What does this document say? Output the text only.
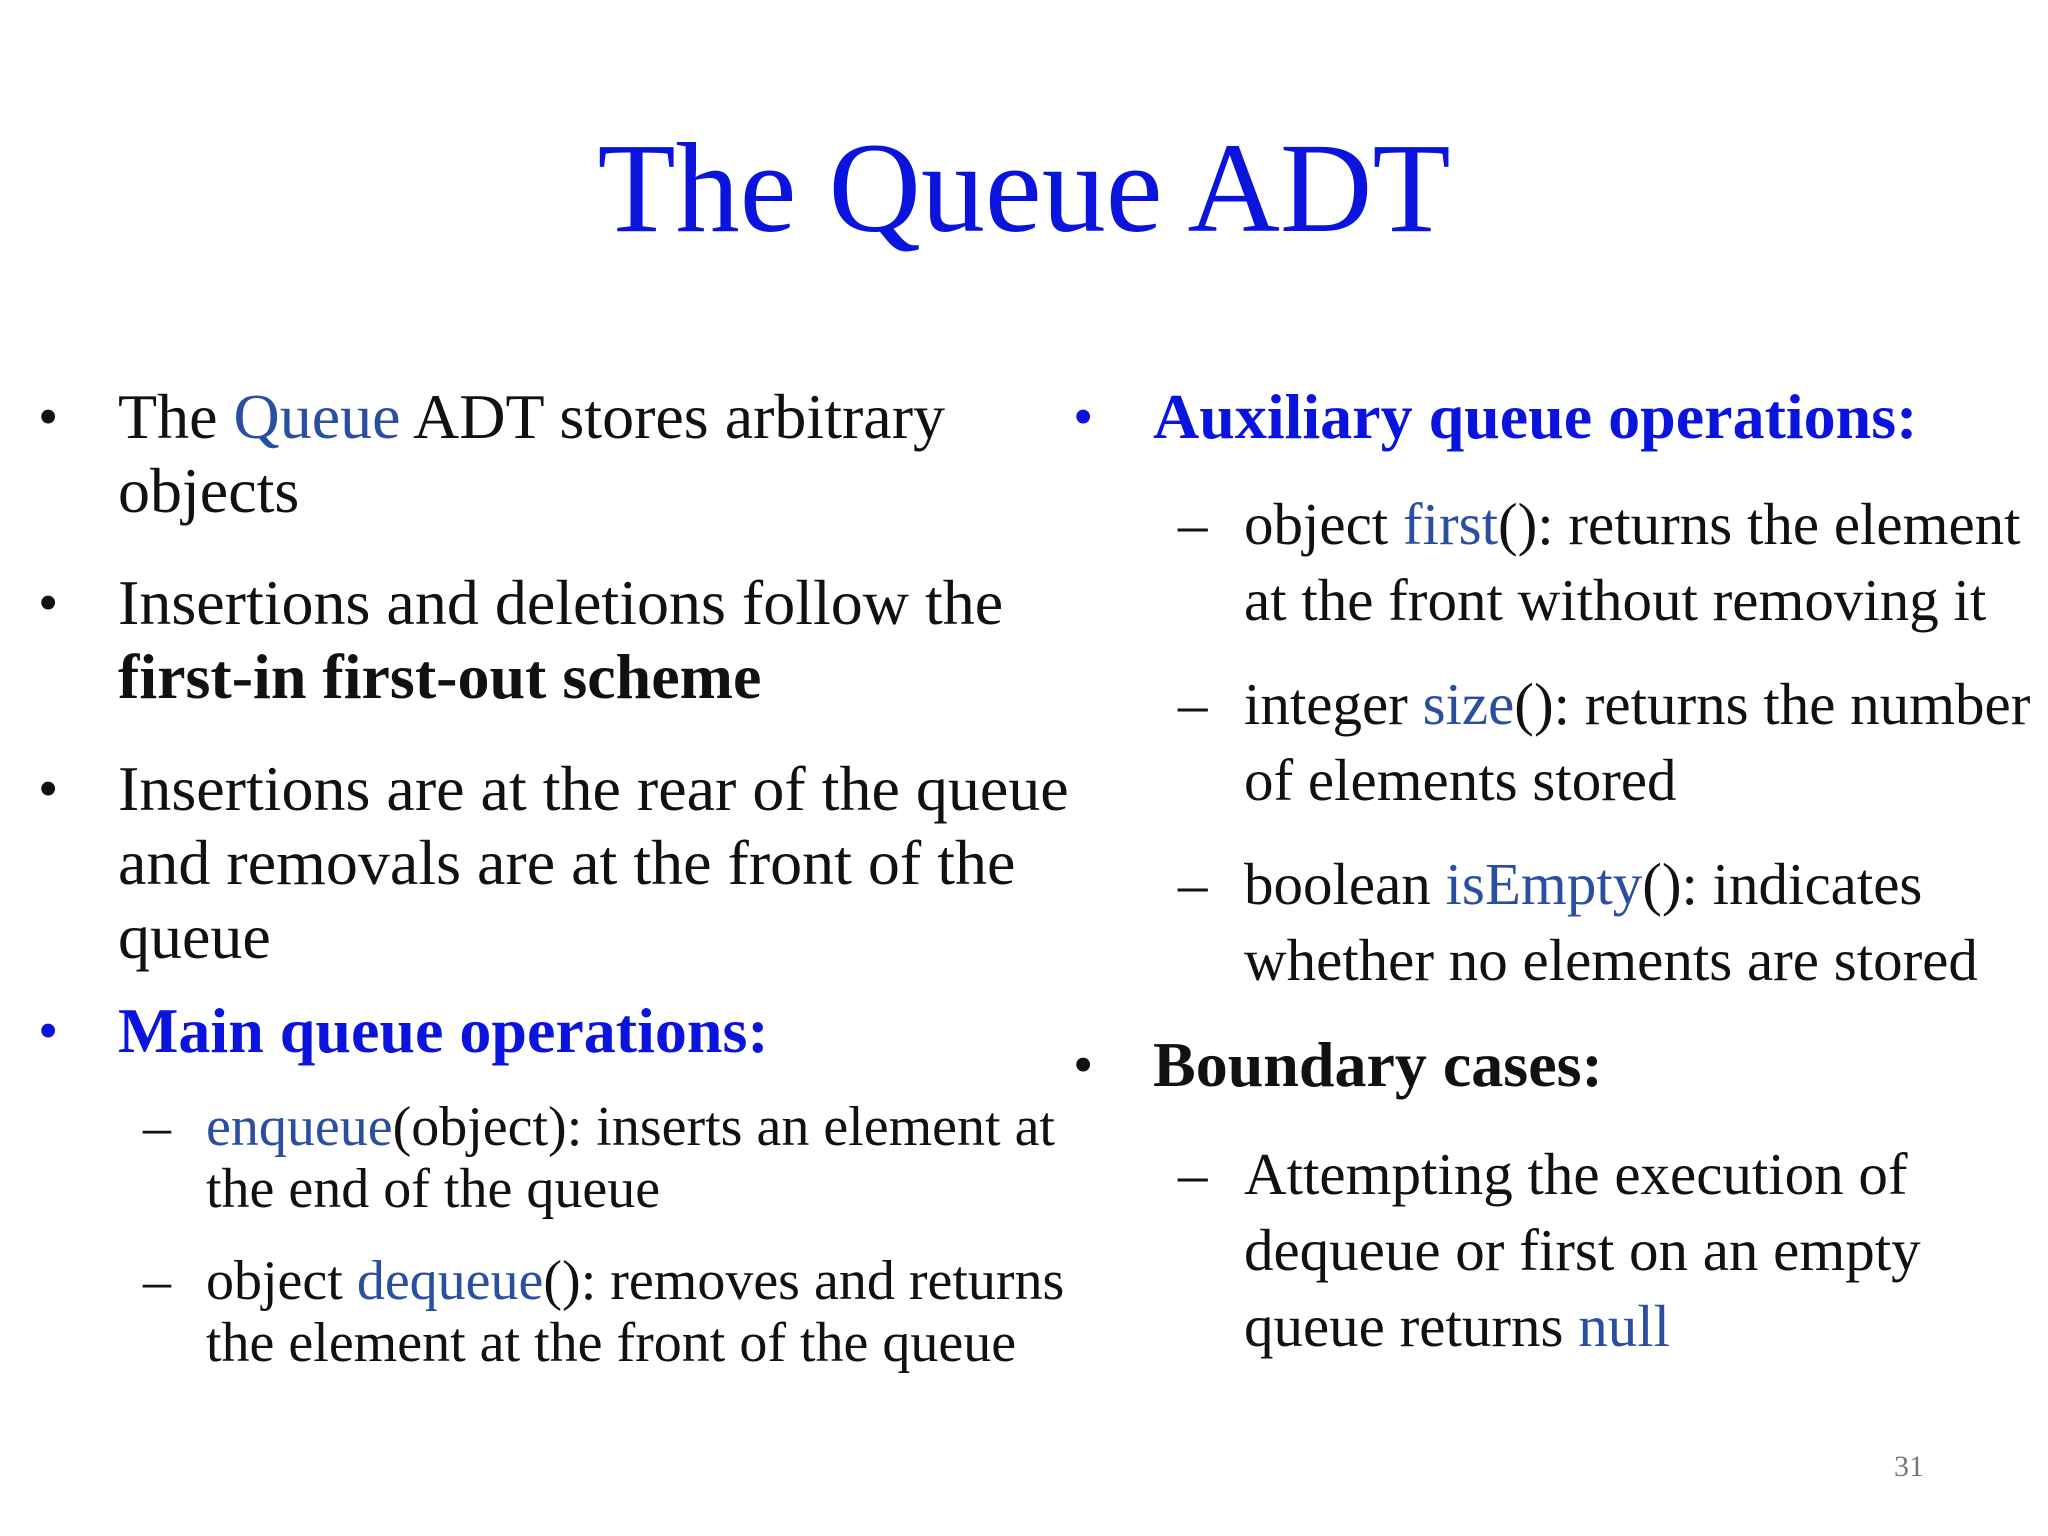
The Queue ADT
• The Queue ADT stores arbitrary objects
• Insertions and deletions follow the first-in first-out scheme
• Insertions are at the rear of the queue and removals are at the front of the queue
• Main queue operations:
– enqueue(object): inserts an element at the end of the queue
– object dequeue(): removes and returns the element at the front of the queue
• Auxiliary queue operations:
– object first(): returns the element at the front without removing it
– integer size(): returns the number of elements stored
– boolean isEmpty(): indicates whether no elements are stored
• Boundary cases:
– Attempting the execution of dequeue or first on an empty queue returns null
31
